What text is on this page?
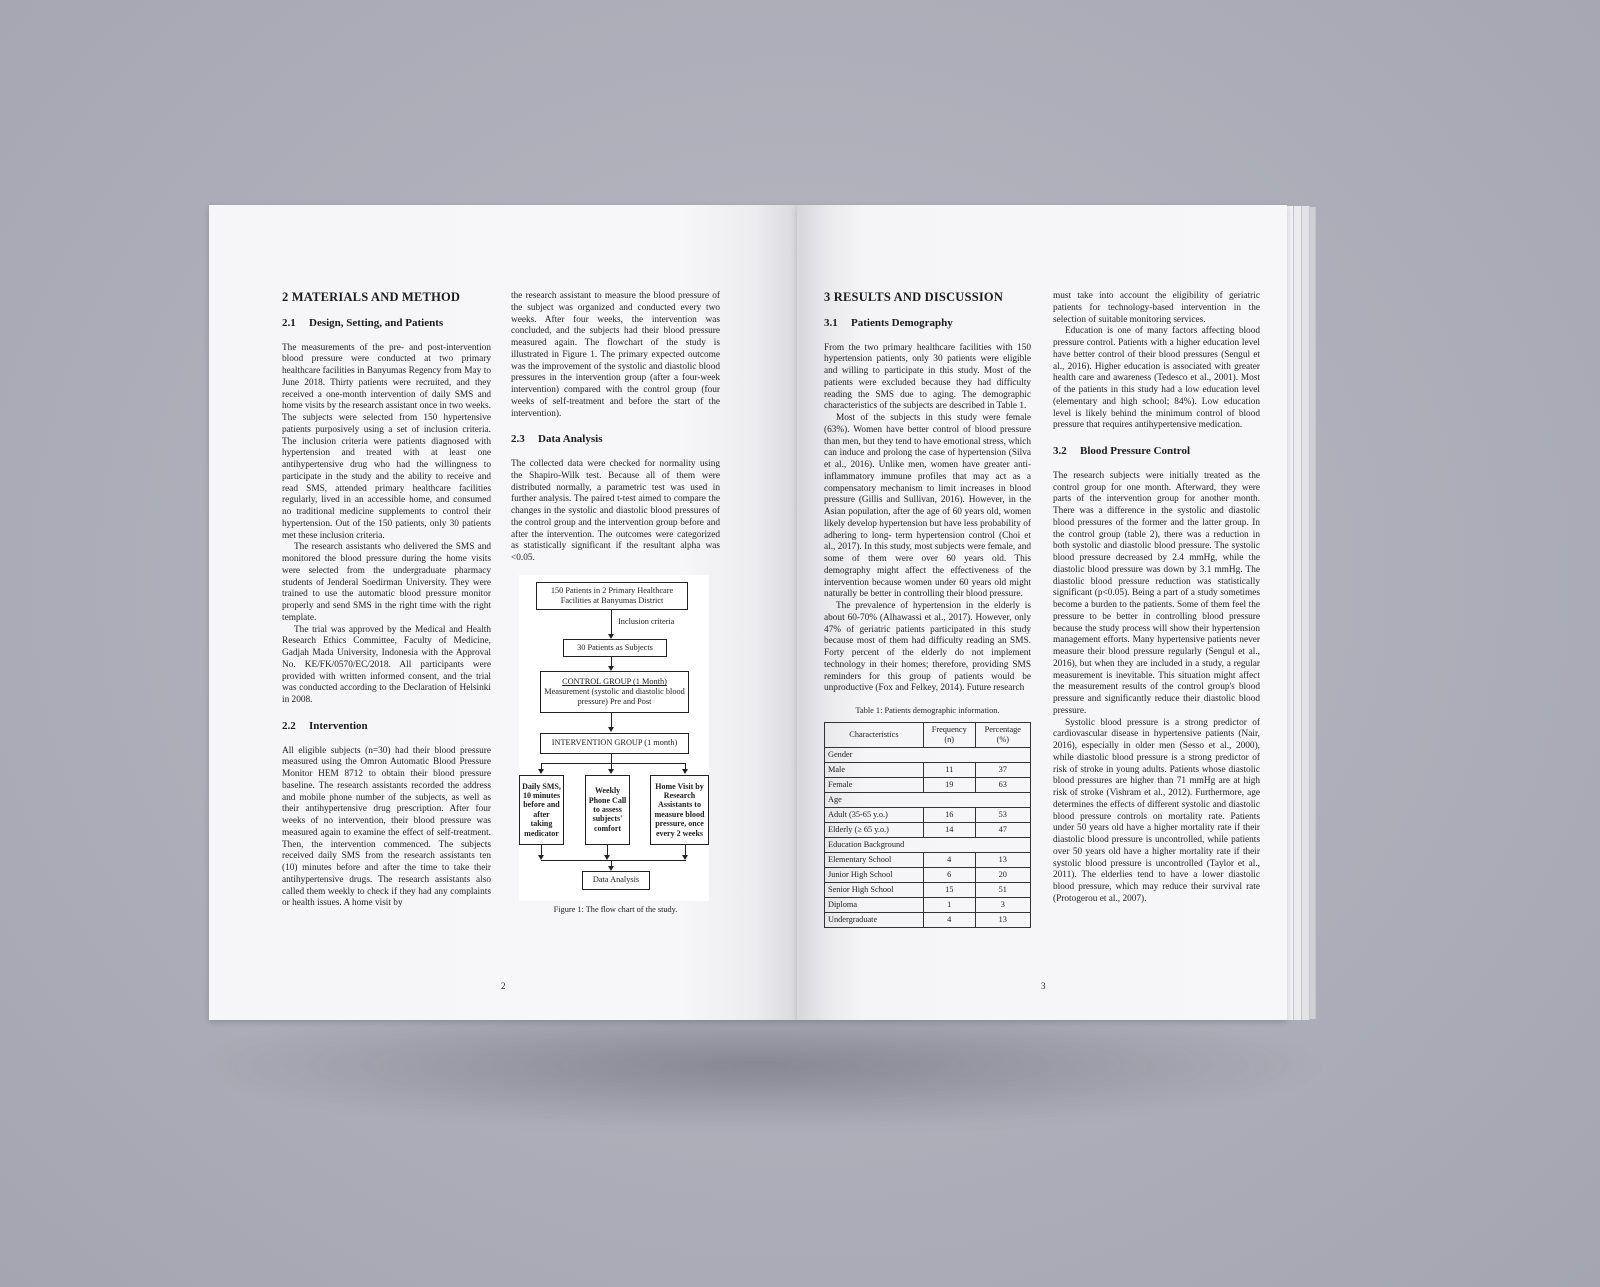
2 MATERIALS AND METHOD
2.1 Design, Setting, and Patients

The measurements of the pre- and post-intervention blood pressure were conducted at two primary healthcare facilities in Banyumas Regency from May to June 2018. Thirty patients were recruited, and they received a one-month intervention of daily SMS and home visits by the research assistant once in two weeks. The subjects were selected from 150 hypertensive patients purposively using a set of inclusion criteria. The inclusion criteria were patients diagnosed with hypertension and treated with at least one antihypertensive drug who had the willingness to participate in the study and the ability to receive and read SMS, attended primary healthcare facilities regularly, lived in an accessible home, and consumed no traditional medicine supplements to control their hypertension. Out of the 150 patients, only 30 patients met these inclusion criteria.

The research assistants who delivered the SMS and monitored the blood pressure during the home visits were selected from the undergraduate pharmacy students of Jenderal Soedirman University. They were trained to use the automatic blood pressure monitor properly and send SMS in the right time with the right template.

The trial was approved by the Medical and Health Research Ethics Committee, Faculty of Medicine, Gadjah Mada University, Indonesia with the Approval No. KE/FK/0570/EC/2018. All participants were provided with written informed consent, and the trial was conducted according to the Declaration of Helsinki in 2008.

2.2 Intervention

All eligible subjects (n=30) had their blood pressure measured using the Omron Automatic Blood Pressure Monitor HEM 8712 to obtain their blood pressure baseline. The research assistants recorded the address and mobile phone number of the subjects, as well as their antihypertensive drug prescription. After four weeks of no intervention, their blood pressure was measured again to examine the effect of self-treatment. Then, the intervention commenced. The subjects received daily SMS from the research assistants ten (10) minutes before and after the time to take their antihypertensive drugs. The research assistants also called them weekly to check if they had any complaints or health issues. A home visit by

the research assistant to measure the blood pressure of the subject was organized and conducted every two weeks. After four weeks, the intervention was concluded, and the subjects had their blood pressure measured again. The flowchart of the study is illustrated in Figure 1. The primary expected outcome was the improvement of the systolic and diastolic blood pressures in the intervention group (after a four-week intervention) compared with the control group (four weeks of self-treatment and before the start of the intervention).

2.3 Data Analysis

The collected data were checked for normality using the Shapiro-Wilk test. Because all of them were distributed normally, a parametric test was used in further analysis. The paired t-test aimed to compare the changes in the systolic and diastolic blood pressures of the control group and the intervention group before and after the intervention. The outcomes were categorized as statistically significant if the resultant alpha was <0.05.

150 Patients in 2 Primary Healthcare Facilities at Banyumas District
Inclusion criteria
30 Patients as Subjects
CONTROL GROUP (1 Month)
Measurement (systolic and diastolic blood pressure) Pre and Post
INTERVENTION GROUP (1 month)
Daily SMS, 10 minutes before and after taking medicator
Weekly Phone Call to assess subjects' comfort
Home Visit by Research Assistants to measure blood pressure, once every 2 weeks
Data Analysis
Figure 1: The flow chart of the study.
2
3 RESULTS AND DISCUSSION
3.1 Patients Demography

From the two primary healthcare facilities with 150 hypertension patients, only 30 patients were eligible and willing to participate in this study. Most of the patients were excluded because they had difficulty reading the SMS due to aging. The demographic characteristics of the subjects are described in Table 1.

Most of the subjects in this study were female (63%). Women have better control of blood pressure than men, but they tend to have emotional stress, which can induce and prolong the case of hypertension (Silva et al., 2016). Unlike men, women have greater anti-inflammatory immune profiles that may act as a compensatory mechanism to limit increases in blood pressure (Gillis and Sullivan, 2016). However, in the Asian population, after the age of 60 years old, women likely develop hypertension but have less probability of adhering to long- term hypertension control (Choi et al., 2017). In this study, most subjects were female, and some of them were over 60 years old. This demography might affect the effectiveness of the intervention because women under 60 years old might naturally be better in controlling their blood pressure.

The prevalence of hypertension in the elderly is about 60-70% (Alhawassi et al., 2017). However, only 47% of geriatric patients participated in this study because most of them had difficulty reading an SMS. Forty percent of the elderly do not implement technology in their homes; therefore, providing SMS reminders for this group of patients would be unproductive (Fox and Felkey, 2014). Future research

Table 1: Patients demographic information.
Characteristics	Frequency (n)	Percentage (%)
Gender		
Male	11	37
Female	19	63
Age		
Adult (35-65 y.o.)	16	53
Elderly (≥ 65 y.o.)	14	47
Education Background		
Elementary School	4	13
Junior High School	6	20
Senior High School	15	51
Diploma	1	3
Undergraduate	4	13

must take into account the eligibility of geriatric patients for technology-based intervention in the selection of suitable monitoring services.

Education is one of many factors affecting blood pressure control. Patients with a higher education level have better control of their blood pressures (Sengul et al., 2016). Higher education is associated with greater health care and awareness (Tedesco et al., 2001). Most of the patients in this study had a low education level (elementary and high school; 84%). Low education level is likely behind the minimum control of blood pressure that requires antihypertensive medication.

3.2 Blood Pressure Control

The research subjects were initially treated as the control group for one month. Afterward, they were parts of the intervention group for another month. There was a difference in the systolic and diastolic blood pressures of the former and the latter group. In the control group (table 2), there was a reduction in both systolic and diastolic blood pressure. The systolic blood pressure decreased by 2.4 mmHg, while the diastolic blood pressure was down by 3.1 mmHg. The diastolic blood pressure reduction was statistically significant (p<0.05). Being a part of a study sometimes become a burden to the patients. Some of them feel the pressure to be better in controlling blood pressure because the study process will show their hypertension management efforts. Many hypertensive patients never measure their blood pressure regularly (Sengul et al., 2016), but when they are included in a study, a regular measurement is inevitable. This situation might affect the measurement results of the control group's blood pressure and significantly reduce their diastolic blood pressure.

Systolic blood pressure is a strong predictor of cardiovascular disease in hypertensive patients (Nair, 2016), especially in older men (Sesso et al., 2000), while diastolic blood pressure is a strong predictor of risk of stroke in young adults. Patients whose diastolic blood pressures are higher than 71 mmHg are at high risk of stroke (Vishram et al., 2012). Furthermore, age determines the effects of different systolic and diastolic blood pressure controls on mortality rate. Patients under 50 years old have a higher mortality rate if their diastolic blood pressure is uncontrolled, while patients over 50 years old have a higher mortality rate if their systolic blood pressure is uncontrolled (Taylor et al., 2011). The elderlies tend to have a lower diastolic blood pressure, which may reduce their survival rate (Protogerou et al., 2007).

3
